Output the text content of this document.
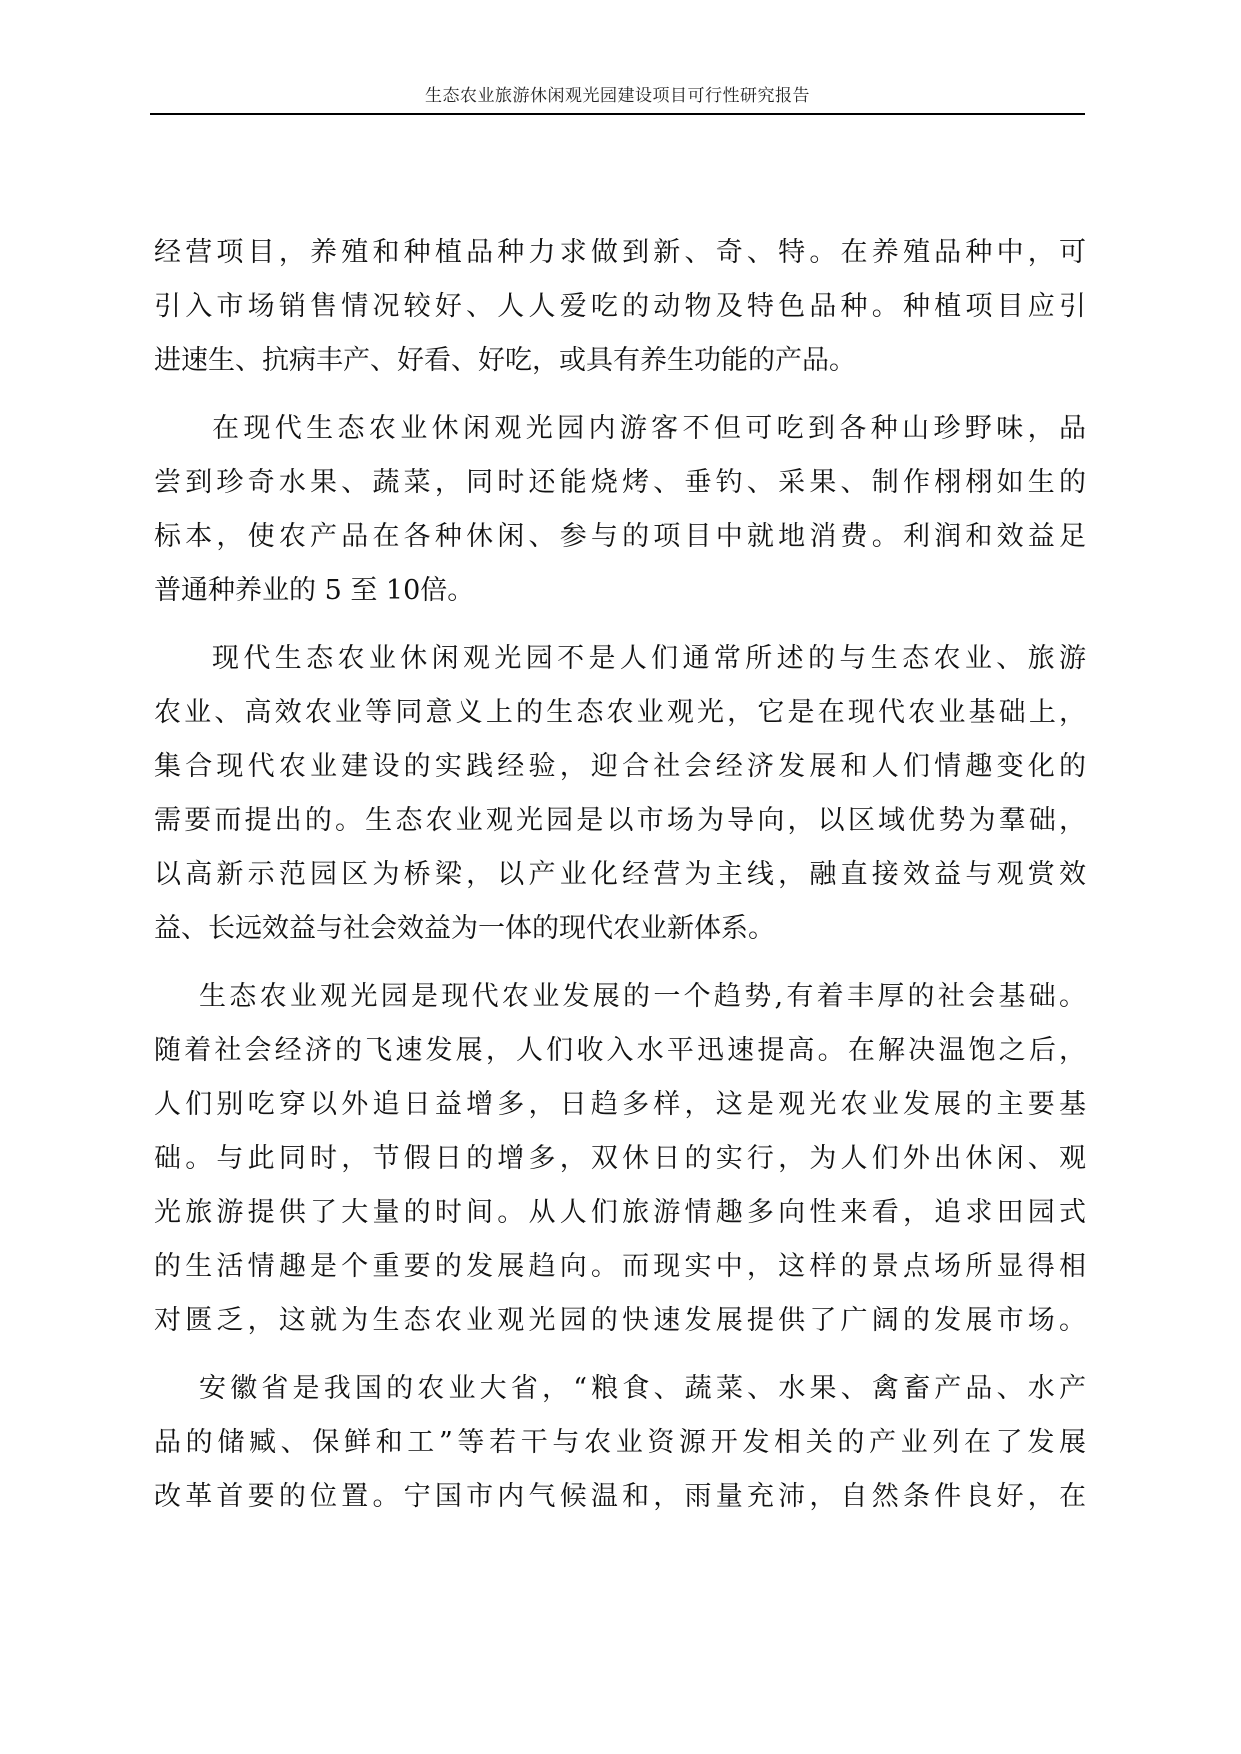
生态农业旅游休闲观光园建设项目可行性研究报告
经营项目，养殖和种植品种力求做到新、奇、特。在养殖品种中，可
引入市场销售情况较好、人人爱吃的动物及特色品种。种植项目应引
进速生、抗病丰产、好看、好吃，或具有养生功能的产品。
在现代生态农业休闲观光园内游客不但可吃到各种山珍野味，品
尝到珍奇水果、蔬菜，同时还能烧烤、垂钓、采果、制作栩栩如生的
标本，使农产品在各种休闲、参与的项目中就地消费。利润和效益足
普通种养业的 5 至 10倍。
现代生态农业休闲观光园不是人们通常所述的与生态农业、旅游
农业、高效农业等同意义上的生态农业观光，它是在现代农业基础上，
集合现代农业建设的实践经验，迎合社会经济发展和人们情趣变化的
需要而提出的。生态农业观光园是以市场为导向，以区域优势为羣础，
以高新示范园区为桥梁，以产业化经营为主线，融直接效益与观赏效
益、长远效益与社会效益为一体的现代农业新体系。
生态农业观光园是现代农业发展的一个趋势,有着丰厚的社会基础。
随着社会经济的飞速发展，人们收入水平迅速提高。在解决温饱之后，
人们别吃穿以外追日益增多，日趋多样，这是观光农业发展的主要基
础。与此同时，节假日的增多，双休日的实行，为人们外出休闲、观
光旅游提供了大量的时间。从人们旅游情趣多向性来看，追求田园式
的生活情趣是个重要的发展趋向。而现实中，这样的景点场所显得相
对匮乏，这就为生态农业观光园的快速发展提供了广阔的发展市场。
安徽省是我国的农业大省，“粮食、蔬菜、水果、禽畜产品、水产
品的储臧、保鲜和工”等若干与农业资源开发相关的产业列在了发展
改革首要的位置。宁国市内气候温和，雨量充沛，自然条件良好，在
